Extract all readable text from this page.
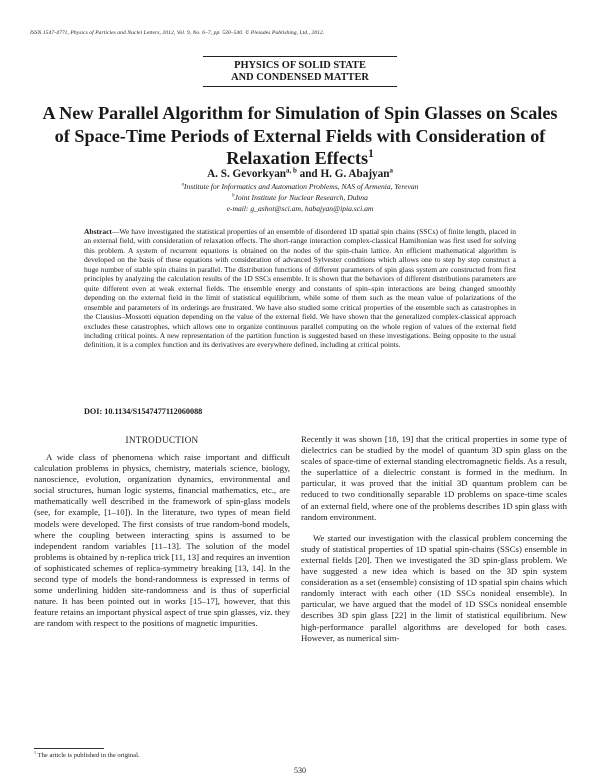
ISSN 1547-4771, Physics of Particles and Nuclei Letters, 2012, Vol. 9, No. 6–7, pp. 530–540. © Pleiades Publishing, Ltd., 2012.
PHYSICS OF SOLID STATE
AND CONDENSED MATTER
A New Parallel Algorithm for Simulation of Spin Glasses on Scales of Space-Time Periods of External Fields with Consideration of Relaxation Effects$^1$
A. S. Gevorkyan$^{a, b}$ and H. G. Abajyan$^a$
$^a$Institute for Informatics and Automation Problems, NAS of Armenia, Yerevan
$^b$Joint Institute for Nuclear Research, Dubna
e-mail: g_ashot@sci.am, habajyan@ipia.sci.am
Abstract—We have investigated the statistical properties of an ensemble of disordered 1D spatial spin chains (SSCs) of finite length, placed in an external field, with consideration of relaxation effects. The short-range interaction complex-classical Hamiltonian was first used for solving this problem. A system of recurrent equations is obtained on the nodes of the spin-chain lattice. An efficient mathematical algorithm is developed on the basis of these equations with consideration of advanced Sylvester conditions which allows one to step by step construct a huge number of stable spin chains in parallel. The distribution functions of different parameters of spin glass system are constructed from first principles by analyzing the calculation results of the 1D SSCs ensemble. It is shown that the behaviors of different distributions parameters are quite different even at weak external fields. The ensemble energy and constants of spin–spin interactions are being changed smoothly depending on the external field in the limit of statistical equilibrium, while some of them such as the mean value of polarizations of the ensemble and parameters of its orderings are frustrated. We have also studied some critical properties of the ensemble such as catastrophes in the Clausius–Mossotti equation depending on the value of the external field. We have shown that the generalized complex-classical approach excludes these catastrophes, which allows one to organize continuous parallel computing on the whole region of values of the external field including critical points. A new representation of the partition function is suggested based on these investigations. Being opposite to the usual definition, it is a complex function and its derivatives are everywhere defined, including at critical points.
DOI: 10.1134/S1547477112060088
INTRODUCTION

A wide class of phenomena which raise important and difficult calculation problems in physics, chemistry, materials science, biology, nanoscience, evolution, organization dynamics, environmental and social structures, human logic systems, financial mathematics, etc., are mathematically well described in the framework of spin-glass models (see, for example, [1–10]). In the literature, two types of mean field models were developed. The first consists of true random-bond models, where the coupling between interacting spins is assumed to be independent random variables [11–13]. The solution of the model problems is obtained by n-replica trick [11, 13] and requires an invention of sophisticated schemes of replica-symmetry breaking [13, 14]. In the second type of models the bond-randomness is expressed in terms of some underlining hidden site-randomness and is thus of superficial nature. It has been pointed out in works [15–17], however, that this feature retains an important physical aspect of true spin glasses, viz. they are random with respect to the positions of magnetic impurities.

Recently it was shown [18, 19] that the critical properties in some type of dielectrics can be studied by the model of quantum 3D spin glass on the scales of space-time of external standing electromagnetic fields. As a result, the superlattice of a dielectric constant is formed in the medium. In particular, it was proved that the initial 3D quantum problem can be reduced to two conditionally separable 1D problems on space-time scales of an external field, where one of the problems describes 1D spin glass with random environment.

We started our investigation with the classical problem concerning the study of statistical properties of 1D spatial spin-chains (SSCs) ensemble in external fields [20]. Then we investigated the 3D spin-glass problem. We have suggested a new idea which is based on the 3D spin system consideration as a set (ensemble) consisting of 1D spatial spin chains which randomly interact with each other (1D SSCs nonideal ensemble). In particular, we have argued that the model of 1D SSCs nonideal ensemble describes 3D spin glass [22] in the limit of statistical equilibrium. New high-performance parallel algorithms are developed for both cases. However, as numerical sim-

$^1$ The article is published in the original.
530
